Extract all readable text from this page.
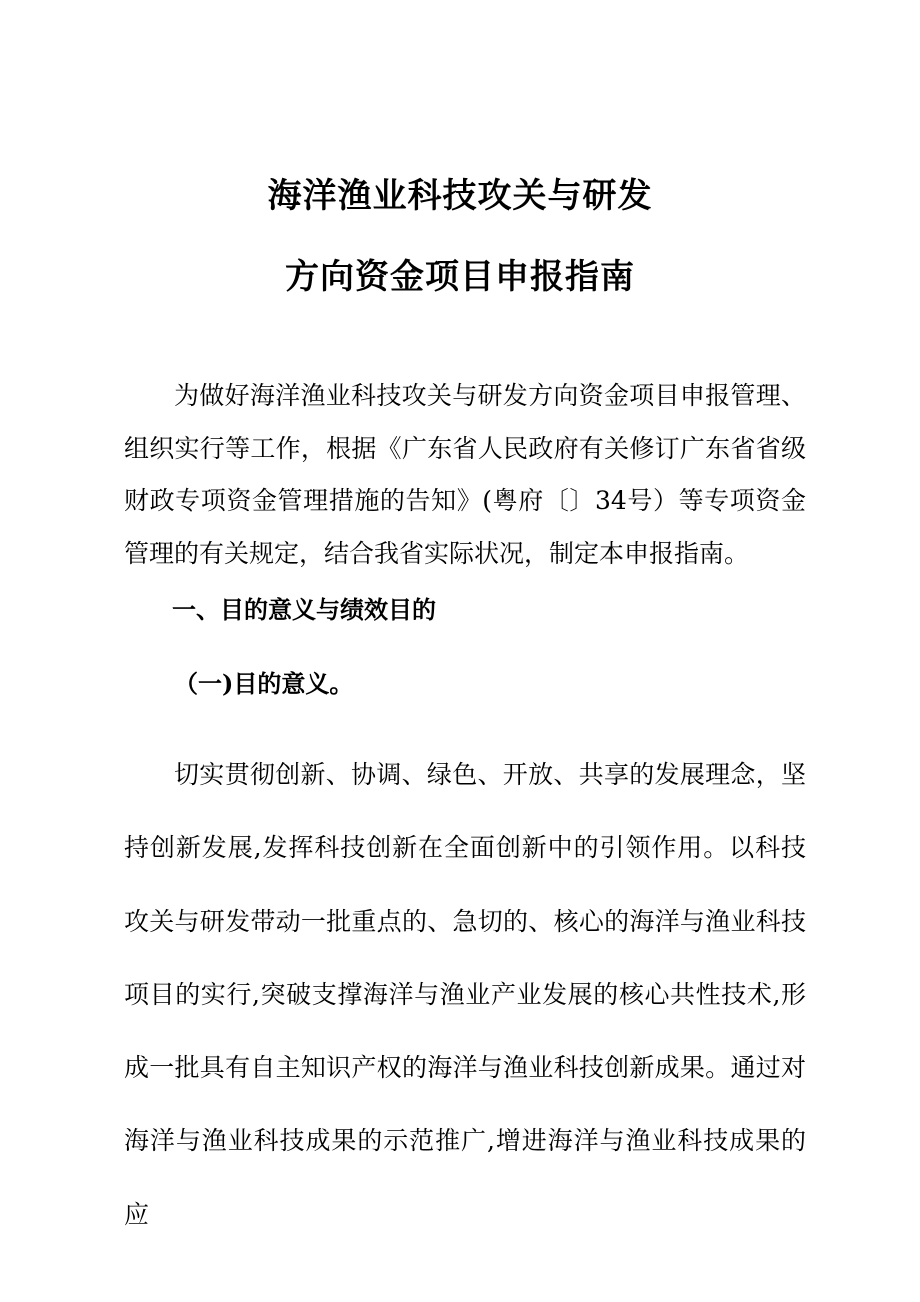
海洋渔业科技攻关与研发
方向资金项目申报指南
为做好海洋渔业科技攻关与研发方向资金项目申报管理、组织实行等工作，根据《广东省人民政府有关修订广东省省级财政专项资金管理措施的告知》(粤府〔〕34号）等专项资金管理的有关规定，结合我省实际状况，制定本申报指南。
一、目的意义与绩效目的
（一)目的意义。
切实贯彻创新、协调、绿色、开放、共享的发展理念，坚持创新发展,发挥科技创新在全面创新中的引领作用。以科技攻关与研发带动一批重点的、急切的、核心的海洋与渔业科技项目的实行,突破支撑海洋与渔业产业发展的核心共性技术,形成一批具有自主知识产权的海洋与渔业科技创新成果。通过对海洋与渔业科技成果的示范推广,增进海洋与渔业科技成果的应
